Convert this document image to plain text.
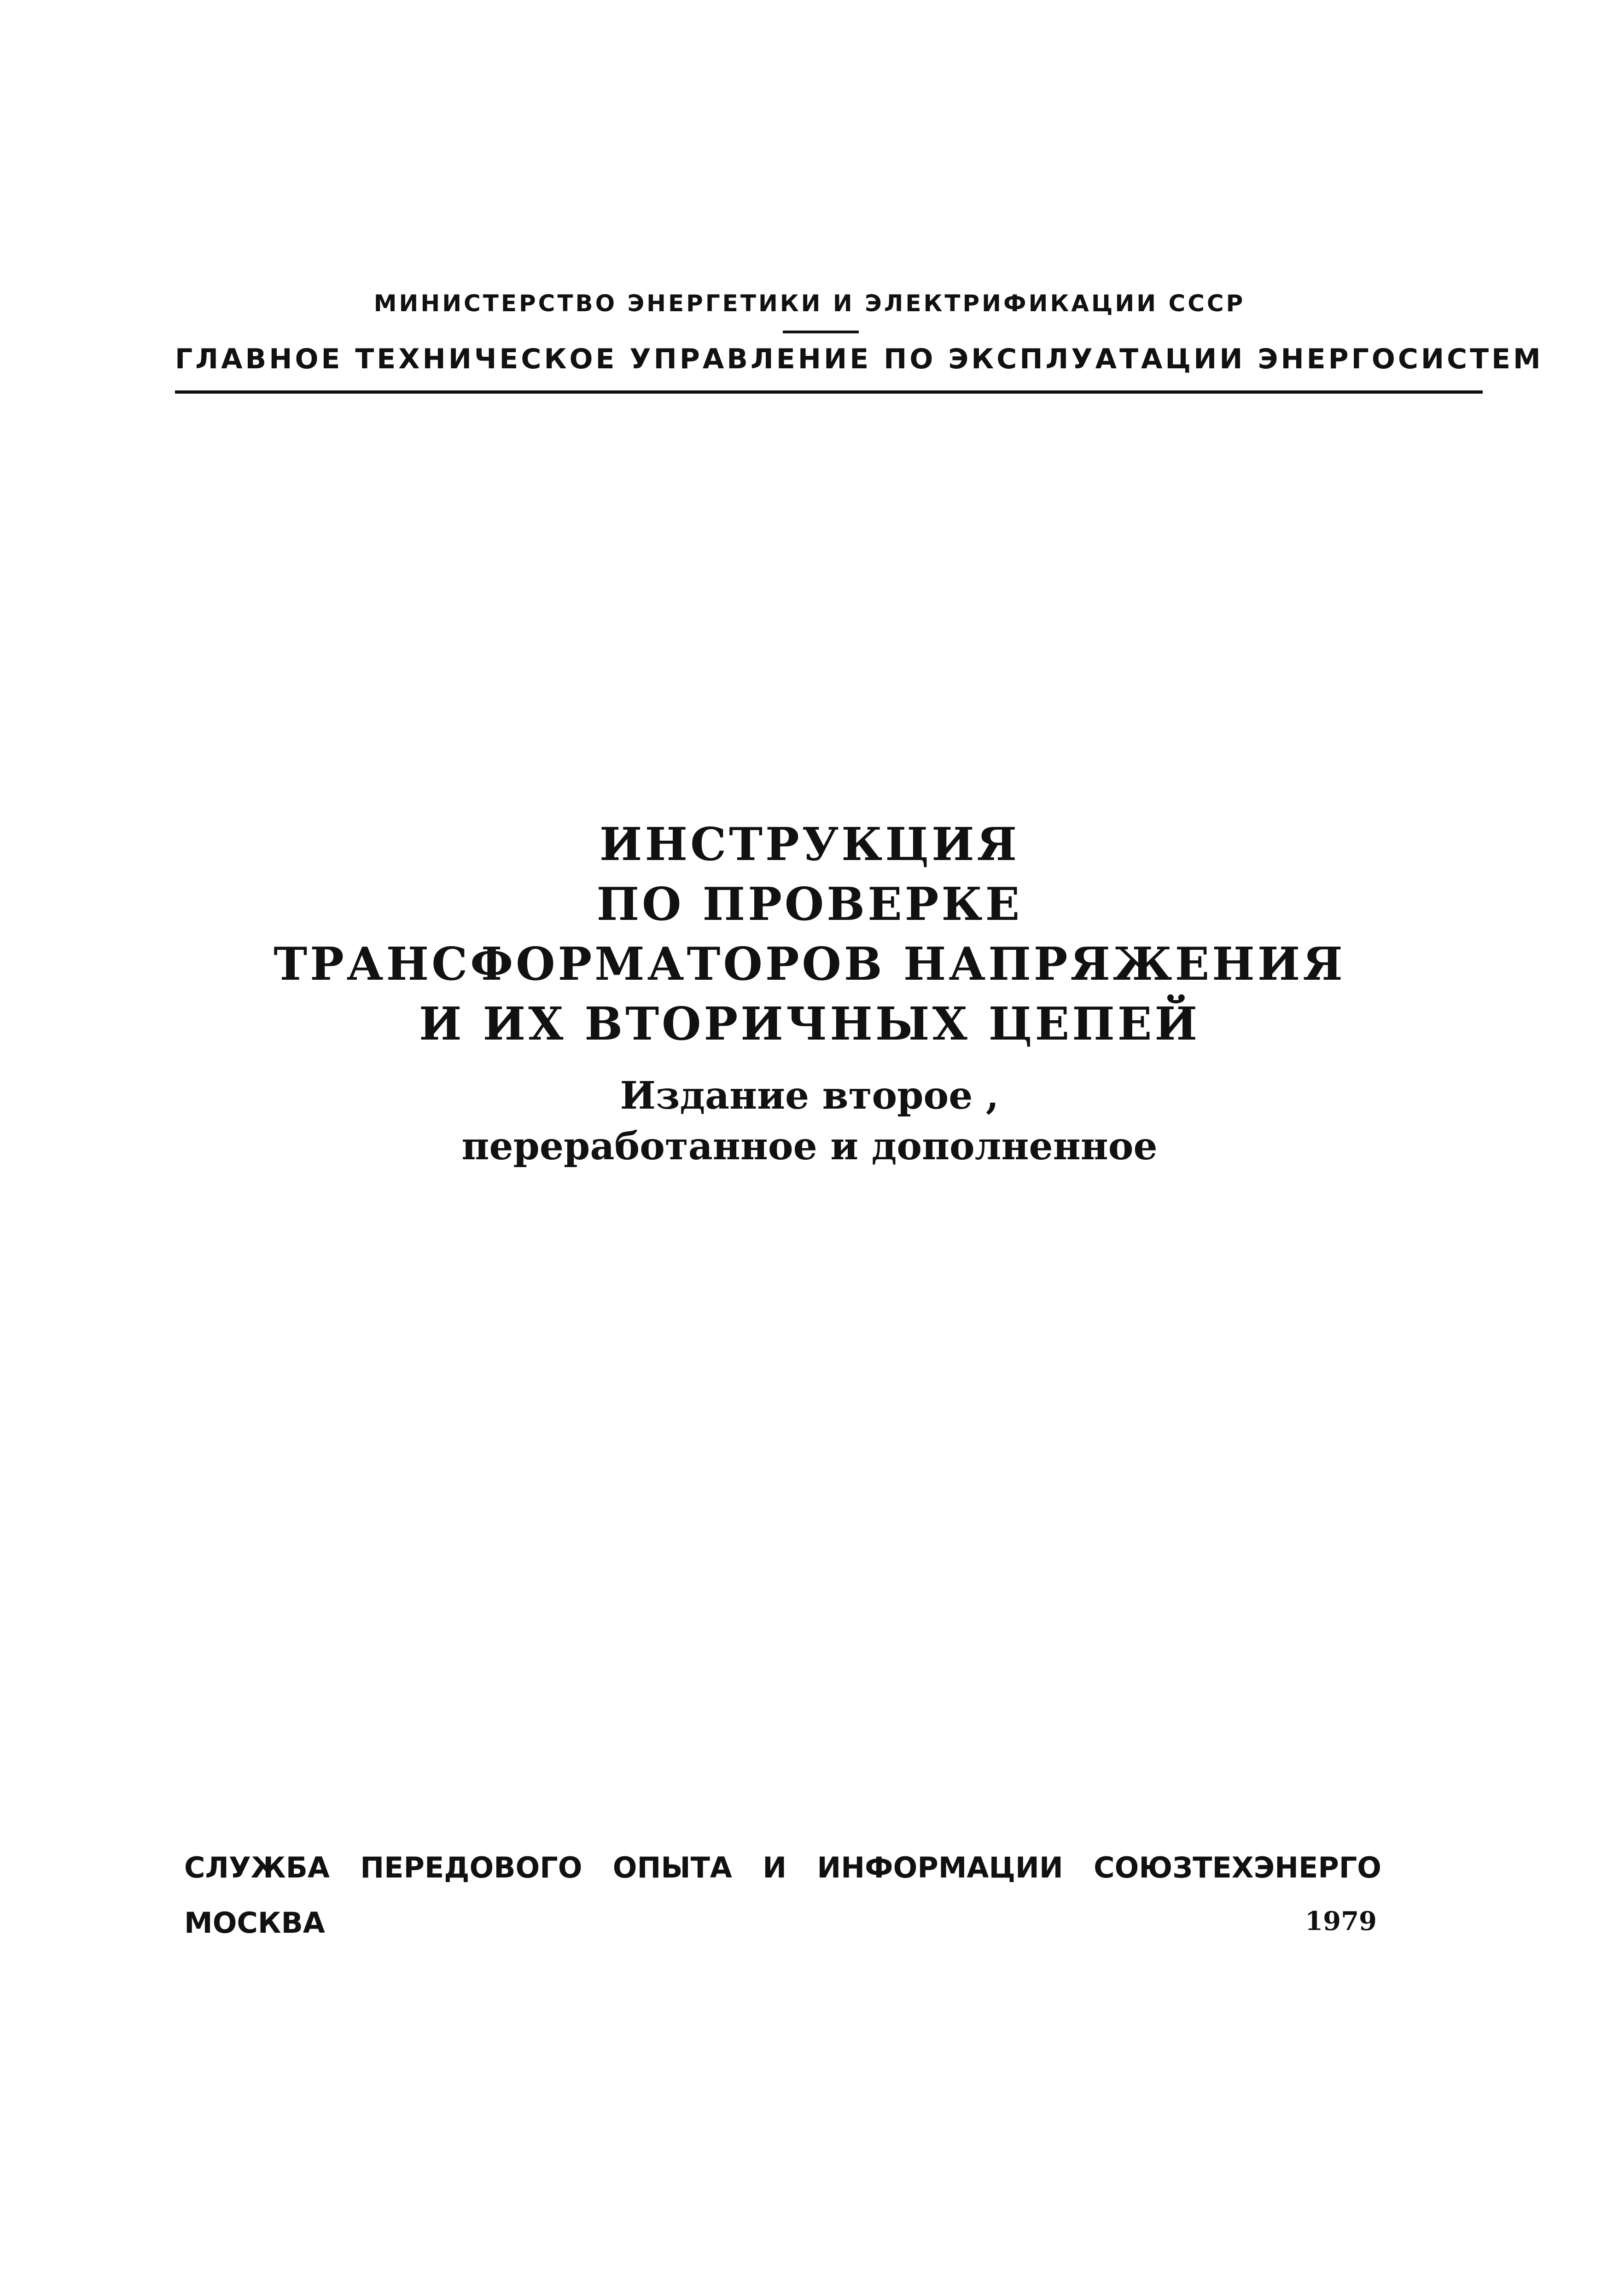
МИНИСТЕРСТВО ЭНЕРГЕТИКИ И ЭЛЕКТРИФИКАЦИИ СССР
ГЛАВНОЕ ТЕХНИЧЕСКОЕ УПРАВЛЕНИЕ ПО ЭКСПЛУАТАЦИИ ЭНЕРГОСИСТЕМ
ИНСТРУКЦИЯ
ПО ПРОВЕРКЕ
ТРАНСФОРМАТОРОВ НАПРЯЖЕНИЯ
И ИХ ВТОРИЧНЫХ ЦЕПЕЙ
Издание второе ,
переработанное и дополненное
СЛУЖБА ПЕРЕДОВОГО ОПЫТА И ИНФОРМАЦИИ СОЮЗТЕХЭНЕРГО
МОСКВА	1979
